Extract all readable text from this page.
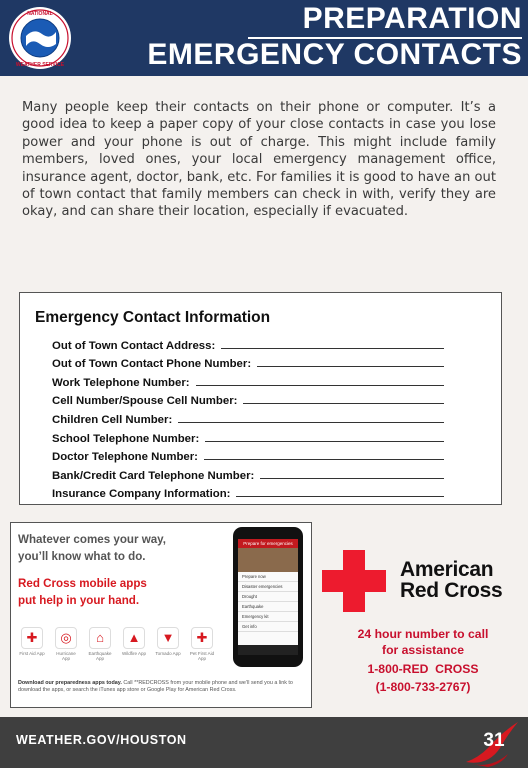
NATIONAL
WEATHER SERVICE
PREPARATION
EMERGENCY CONTACTS

Many people keep their contacts on their phone or computer. It’s a good idea to keep a paper copy of your close contacts in case you lose power and your phone is out of charge. This might include family members, loved ones, your local emergency management office, insurance agent, doctor, bank, etc. For families it is good to have an out of town contact that family members can check in with, verify they are okay, and can share their location, especially if evacuated.

Emergency Contact Information
Out of Town Contact Address:
Out of Town Contact Phone Number:
Work Telephone Number:
Cell Number/Spouse Cell Number:
Children Cell Number:
School Telephone Number:
Doctor Telephone Number:
Bank/Credit Card Telephone Number:
Insurance Company Information:
Whatever comes your way,
you’ll know what to do.
Red Cross mobile apps
put help in your hand.
✚
First Aid App
◎
Hurricane App
⌂
Earthquake App
▲
Wildfire App
▼
Tornado App
✚
Pet First Aid App
Download our preparedness apps today. Call **REDCROSS from your mobile phone and we’ll send you a link to download the apps, or search the iTunes app store or Google Play for American Red Cross.
Prepare for emergencies
Prepare now
Disaster emergencies
Drought
Earthquake
Emergency kit
Get info
American
Red Cross
24 hour number to call
for assistance
1-800-RED  CROSS
(1-800-733-2767)
WEATHER.GOV/HOUSTON	31
